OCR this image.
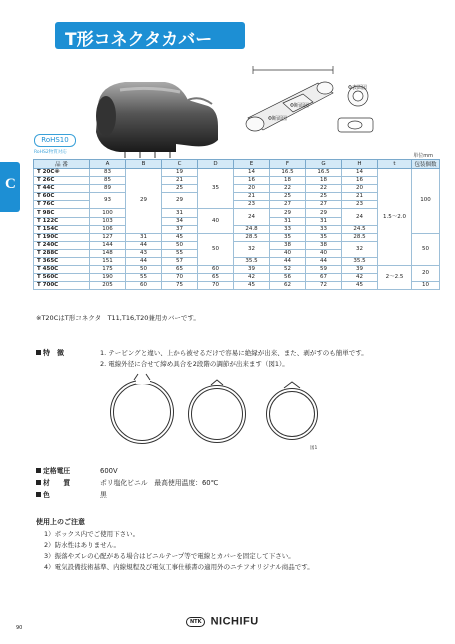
T形コネクタカバー
C
Φ表面図
Φ断面図
Φ断面図
RoHS10
RoHS2物質対応
単位mm
品 番	A	B	C	D	E	F	G	H	t	包装個数
T 20C※	83	29	19	35	14	16.5	16.5	14	1.5〜2.0	100
T 26C	85		21		16	18	18	16		
T 44C	89		25		20	22	22	20		
T 60C	93		29		21	25	25	21		
T 76C					23	27	27	23		
T 98C	100		31	40	24	29	29	24		
T 122C	103		34			31	31			
T 154C	106		37		24.8	33	33	24.5		
T 190C	127	31	45	50	28.5	35	35	28.5		50
T 240C	144	44	50		32	38	38	32		
T 288C	148	43	55			40	40			
T 365C	151	44	57		35.5	44	44	35.5		
T 450C	175	50	65	60	39	52	59	39	2〜2.5	20
T 560C	190	55	70	65	42	56	67	42		
T 700C	205	60	75	70	45	62	72	45		10
※T20CはT形コネクタ　T11,T16,T20兼用カバーです。
特　徴	1. テーピングと違い、上から被せるだけで容易に絶縁が出来、また、剥がすのも簡単です。
2. 電線外径に合せて締め具合を2段階の調節が出来ます（図1）。
図1
定格電圧	600V
材　　質	ポリ塩化ビニル　最高使用温度：60℃
色	黒
使用上のご注意
1）ボックス内でご使用下さい。
2）防水性はありません。
3）振落やズレの心配がある場合はビニルテープ等で電線とカバーを固定して下さい。
4）電気設備技術基準、内線規程及び電気工事仕様書の適用外のニチフオリジナル商品です。
90
NTK NICHIFU
